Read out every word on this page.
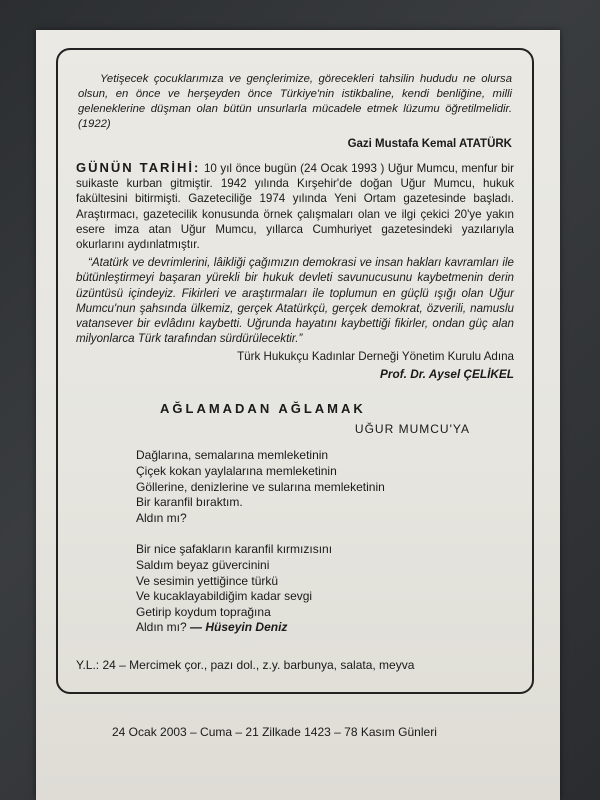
Yetişecek çocuklarımıza ve gençlerimize, görecekleri tahsilin hududu ne olursa olsun, en önce ve herşeyden önce Türkiye'nin istikbaline, kendi benliğine, milli geleneklerine düşman olan bütün unsurlarla mücadele etmek lüzumu öğretilmelidir. (1922)
Gazi Mustafa Kemal ATATÜRK
GÜNÜN TARİHİ: 10 yıl önce bugün (24 Ocak 1993 ) Uğur Mumcu, menfur bir suikaste kurban gitmiştir. 1942 yılında Kırşehir'de doğan Uğur Mumcu, hukuk fakültesini bitirmişti. Gazeteciliğe 1974 yılında Yeni Ortam gazetesinde başladı. Araştırmacı, gazetecilik konusunda örnek çalışmaları olan ve ilgi çekici 20'ye yakın esere imza atan Uğur Mumcu, yıllarca Cumhuriyet gazetesindeki yazılarıyla okurlarını aydınlatmıştır.
“Atatürk ve devrimlerini, lâikliği çağımızın demokrasi ve insan hakları kavramları ile bütünleştirmeyi başaran yürekli bir hukuk devleti savunucusunu kaybetmenin derin üzüntüsü içindeyiz. Fikirleri ve araştırmaları ile toplumun en güçlü ışığı olan Uğur Mumcu'nun şahsında ülkemiz, gerçek Atatürkçü, gerçek demokrat, özverili, namuslu vatansever bir evlâdını kaybetti. Uğrunda hayatını kaybettiği fikirler, ondan güç alan milyonlarca Türk tarafından sürdürülecektir.”
Türk Hukukçu Kadınlar Derneği Yönetim Kurulu Adına
Prof. Dr. Aysel ÇELİKEL
AĞLAMADAN AĞLAMAK
UĞUR MUMCU'YA
Dağlarına, semalarına memleketinin
Çiçek kokan yaylalarına memleketinin
Göllerine, denizlerine ve sularına memleketinin
Bir karanfil bıraktım.
Aldın mı?
Bir nice şafakların karanfil kırmızısını
Saldım beyaz güvercinini
Ve sesimin yettiğince türkü
Ve kucaklayabildiğim kadar sevgi
Getirip koydum toprağına
Aldın mı? — Hüseyin Deniz
Y.L.: 24 – Mercimek çor., pazı dol., z.y. barbunya, salata, meyva
24 Ocak 2003 – Cuma – 21 Zilkade 1423 – 78 Kasım Günleri
